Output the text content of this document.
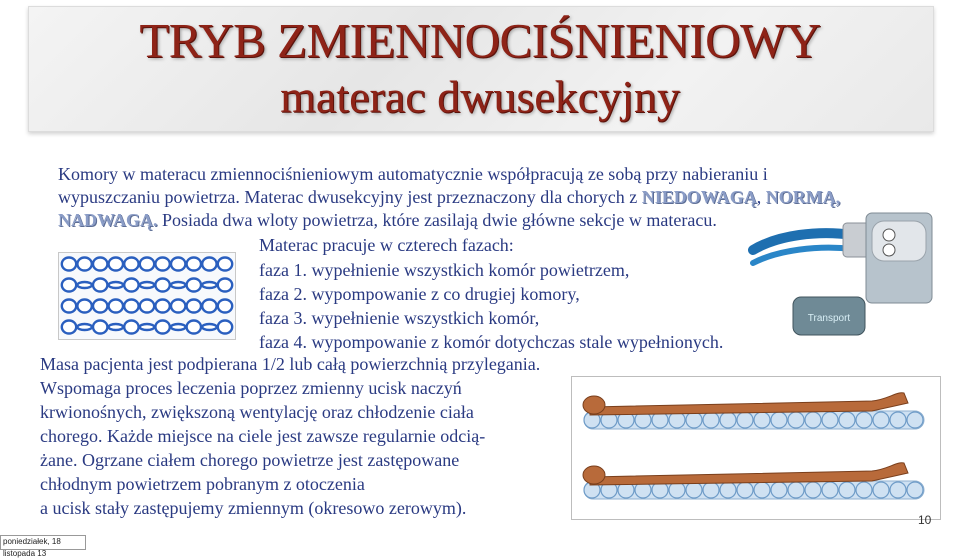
TRYB ZMIENNOCIŚNIENIOWY
materac dwusekcyjny
Komory w materacu zmiennociśnieniowym automatycznie współpracują ze sobą przy nabieraniu i
wypuszczaniu powietrza. Materac dwusekcyjny jest przeznaczony dla chorych z NIEDOWAGĄ, NORMĄ,
NADWAGĄ. Posiada dwa wloty powietrza, które zasilają dwie główne sekcje w materacu.
Materac pracuje w czterech fazach:
faza 1. wypełnienie wszystkich komór powietrzem,
faza 2. wypompowanie z co drugiej komory,
faza 3. wypełnienie wszystkich komór,
faza 4. wypompowanie z komór dotychczas stale wypełnionych.
Masa pacjenta jest podpierana 1/2 lub całą powierzchnią przylegania.
Wspomaga proces leczenia poprzez zmienny ucisk naczyń
krwionośnych, zwiększoną wentylację oraz chłodzenie ciała
chorego. Każde miejsce na ciele jest zawsze regularnie odcią-
żane. Ogrzane ciałem chorego powietrze jest zastępowane
chłodnym powietrzem pobranym z otoczenia
a ucisk stały zastępujemy zmiennym (okresowo zerowym).
Transport
10
poniedziałek, 18 listopada 13
